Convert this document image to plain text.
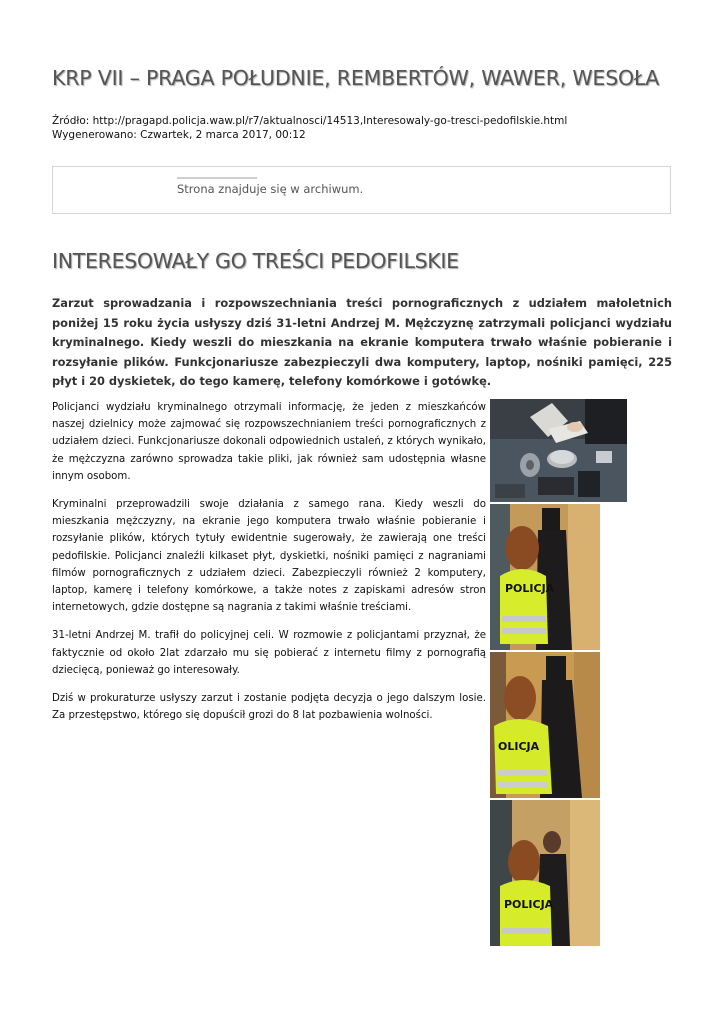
KRP VII – PRAGA POŁUDNIE, REMBERTÓW, WAWER, WESOŁA
Źródło: http://pragapd.policja.waw.pl/r7/aktualnosci/14513,Interesowaly-go-tresci-pedofilskie.html
Wygenerowano: Czwartek, 2 marca 2017, 00:12
Strona znajduje się w archiwum.
INTERESOWAŁY GO TREŚCI PEDOFILSKIE

Zarzut sprowadzania i rozpowszechniania treści pornograficznych z udziałem małoletnich poniżej 15 roku życia usłyszy dziś 31-letni Andrzej M. Mężczyznę zatrzymali policjanci wydziału kryminalnego. Kiedy weszli do mieszkania na ekranie komputera trwało właśnie pobieranie i rozsyłanie plików. Funkcjonariusze zabezpieczyli dwa komputery, laptop, nośniki pamięci, 225 płyt i 20 dyskietek, do tego kamerę, telefony komórkowe i gotówkę.

Policjanci wydziału kryminalnego otrzymali informację, że jeden z mieszkańców naszej dzielnicy może zajmować się rozpowszechnianiem treści pornograficznych z udziałem dzieci. Funkcjonariusze dokonali odpowiednich ustaleń, z których wynikało, że mężczyzna zarówno sprowadza takie pliki, jak również sam udostępnia własne innym osobom.

Kryminalni przeprowadzili swoje działania z samego rana. Kiedy weszli do mieszkania mężczyzny, na ekranie jego komputera trwało właśnie pobieranie i rozsyłanie plików, których tytuły ewidentnie sugerowały, że zawierają one treści pedofilskie. Policjanci znaleźli kilkaset płyt, dyskietki, nośniki pamięci z nagraniami filmów pornograficznych z udziałem dzieci. Zabezpieczyli również 2 komputery, laptop, kamerę i telefony komórkowe, a także notes z zapiskami adresów stron internetowych, gdzie dostępne są nagrania z takimi właśnie treściami.

31-letni Andrzej M. trafił do policyjnej celi. W rozmowie z policjantami przyznał, że faktycznie od około 2lat zdarzało mu się pobierać z internetu filmy z pornografią dziecięcą, ponieważ go interesowały.

Dziś w prokuraturze usłyszy zarzut i zostanie podjęta decyzja o jego dalszym losie. Za przestępstwo, którego się dopuścił grozi do 8 lat pozbawienia wolności.

POLICJA
OLICJA
POLICJA
